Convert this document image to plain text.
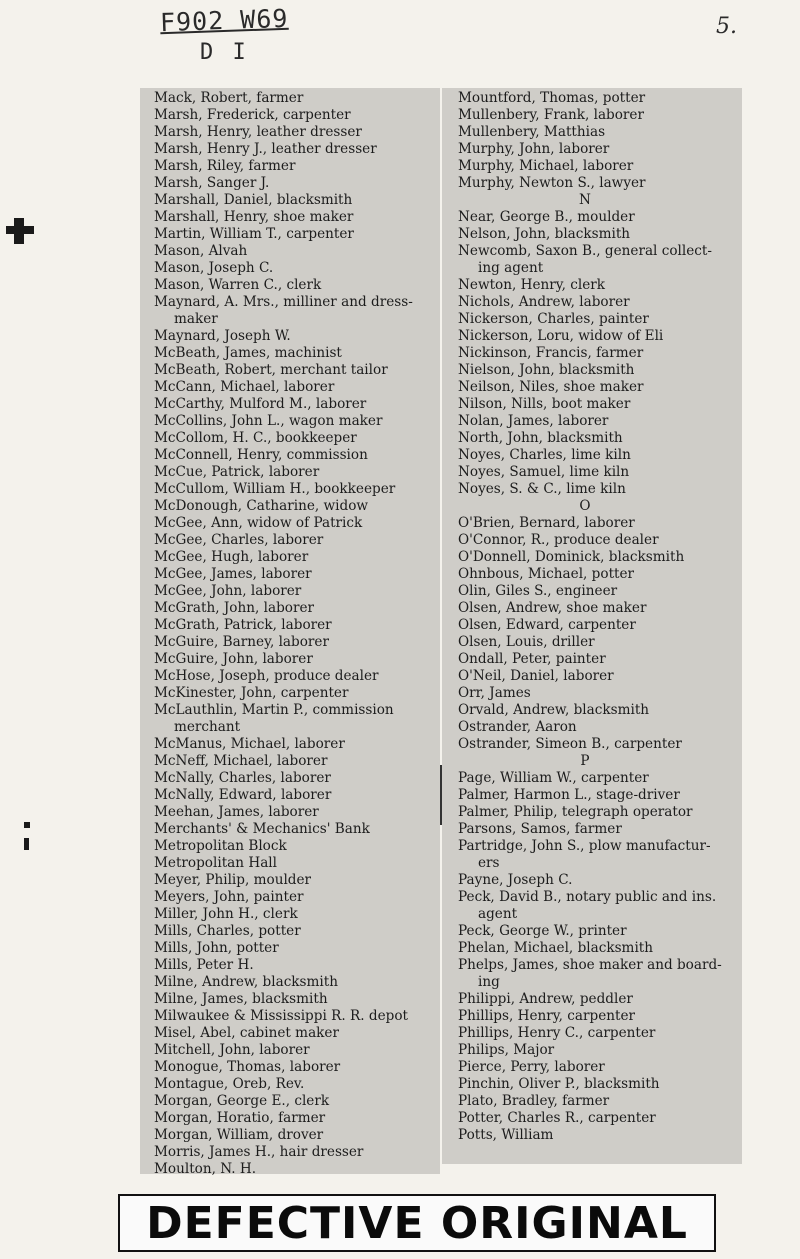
F902 W69
D I
5.
Mack, Robert, farmer
Marsh, Frederick, carpenter
Marsh, Henry, leather dresser
Marsh, Henry J., leather dresser
Marsh, Riley, farmer
Marsh, Sanger J.
Marshall, Daniel, blacksmith
Marshall, Henry, shoe maker
Martin, William T., carpenter
Mason, Alvah
Mason, Joseph C.
Mason, Warren C., clerk
Maynard, A. Mrs., milliner and dress-
maker
Maynard, Joseph W.
McBeath, James, machinist
McBeath, Robert, merchant tailor
McCann, Michael, laborer
McCarthy, Mulford M., laborer
McCollins, John L., wagon maker
McCollom, H. C., bookkeeper
McConnell, Henry, commission
McCue, Patrick, laborer
McCullom, William H., bookkeeper
McDonough, Catharine, widow
McGee, Ann, widow of Patrick
McGee, Charles, laborer
McGee, Hugh, laborer
McGee, James, laborer
McGee, John, laborer
McGrath, John, laborer
McGrath, Patrick, laborer
McGuire, Barney, laborer
McGuire, John, laborer
McHose, Joseph, produce dealer
McKinester, John, carpenter
McLauthlin, Martin P., commission
merchant
McManus, Michael, laborer
McNeff, Michael, laborer
McNally, Charles, laborer
McNally, Edward, laborer
Meehan, James, laborer
Merchants' & Mechanics' Bank
Metropolitan Block
Metropolitan Hall
Meyer, Philip, moulder
Meyers, John, painter
Miller, John H., clerk
Mills, Charles, potter
Mills, John, potter
Mills, Peter H.
Milne, Andrew, blacksmith
Milne, James, blacksmith
Milwaukee & Mississippi R. R. depot
Misel, Abel, cabinet maker
Mitchell, John, laborer
Monogue, Thomas, laborer
Montague, Oreb, Rev.
Morgan, George E., clerk
Morgan, Horatio, farmer
Morgan, William, drover
Morris, James H., hair dresser
Moulton, N. H.
Mountford, Thomas, potter
Mullenbery, Frank, laborer
Mullenbery, Matthias
Murphy, John, laborer
Murphy, Michael, laborer
Murphy, Newton S., lawyer
N
Near, George B., moulder
Nelson, John, blacksmith
Newcomb, Saxon B., general collect-
ing agent
Newton, Henry, clerk
Nichols, Andrew, laborer
Nickerson, Charles, painter
Nickerson, Loru, widow of Eli
Nickinson, Francis, farmer
Nielson, John, blacksmith
Neilson, Niles, shoe maker
Nilson, Nills, boot maker
Nolan, James, laborer
North, John, blacksmith
Noyes, Charles, lime kiln
Noyes, Samuel, lime kiln
Noyes, S. & C., lime kiln
O
O'Brien, Bernard, laborer
O'Connor, R., produce dealer
O'Donnell, Dominick, blacksmith
Ohnbous, Michael, potter
Olin, Giles S., engineer
Olsen, Andrew, shoe maker
Olsen, Edward, carpenter
Olsen, Louis, driller
Ondall, Peter, painter
O'Neil, Daniel, laborer
Orr, James
Orvald, Andrew, blacksmith
Ostrander, Aaron
Ostrander, Simeon B., carpenter
P
Page, William W., carpenter
Palmer, Harmon L., stage-driver
Palmer, Philip, telegraph operator
Parsons, Samos, farmer
Partridge, John S., plow manufactur-
ers
Payne, Joseph C.
Peck, David B., notary public and ins.
agent
Peck, George W., printer
Phelan, Michael, blacksmith
Phelps, James, shoe maker and board-
ing
Philippi, Andrew, peddler
Phillips, Henry, carpenter
Phillips, Henry C., carpenter
Philips, Major
Pierce, Perry, laborer
Pinchin, Oliver P., blacksmith
Plato, Bradley, farmer
Potter, Charles R., carpenter
Potts, William
DEFECTIVE ORIGINAL
